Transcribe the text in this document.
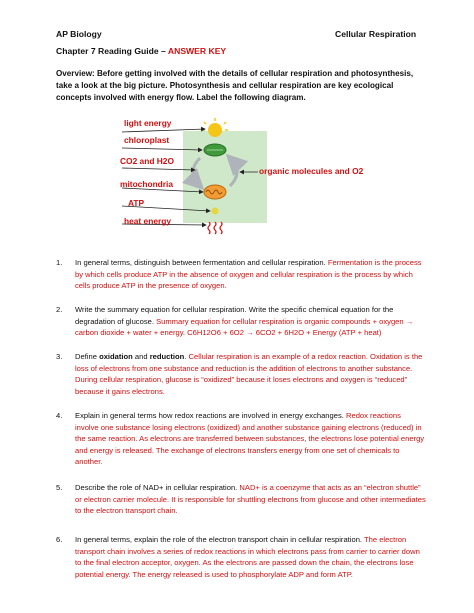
AP Biology	Cellular Respiration
Chapter 7 Reading Guide – ANSWER KEY
Overview: Before getting involved with the details of cellular respiration and photosynthesis, take a look at the big picture. Photosynthesis and cellular respiration are key ecological concepts involved with energy flow. Label the following diagram.
light energy
chloroplast
CO2 and H2O
organic molecules and O2
mitochondria
ATP
heat energy
1. In general terms, distinguish between fermentation and cellular respiration. Fermentation is the process by which cells produce ATP in the absence of oxygen and cellular respiration is the process by which cells produce ATP in the presence of oxygen.
2. Write the summary equation for cellular respiration. Write the specific chemical equation for the degradation of glucose. Summary equation for cellular respiration is organic compounds + oxygen → carbon dioxide + water + energy. C6H12O6 + 6O2 → 6CO2 + 6H2O + Energy (ATP + heat)
3. Define oxidation and reduction. Cellular respiration is an example of a redox reaction. Oxidation is the loss of electrons from one substance and reduction is the addition of electrons to another substance. During cellular respiration, glucose is “oxidized” because it loses electrons and oxygen is “reduced” because it gains electrons.
4. Explain in general terms how redox reactions are involved in energy exchanges. Redox reactions involve one substance losing electrons (oxidized) and another substance gaining electrons (reduced) in the same reaction. As electrons are transferred between substances, the electrons lose potential energy and energy is released. The exchange of electrons transfers energy from one set of chemicals to another.
5. Describe the role of NAD+ in cellular respiration. NAD+ is a coenzyme that acts as an “electron shuttle” or electron carrier molecule. It is responsible for shuttling electrons from glucose and other intermediates to the electron transport chain.
6. In general terms, explain the role of the electron transport chain in cellular respiration. The electron transport chain involves a series of redox reactions in which electrons pass from carrier to carrier down to the final electron acceptor, oxygen. As the electrons are passed down the chain, the electrons lose potential energy. The energy released is used to phosphorylate ADP and form ATP.
